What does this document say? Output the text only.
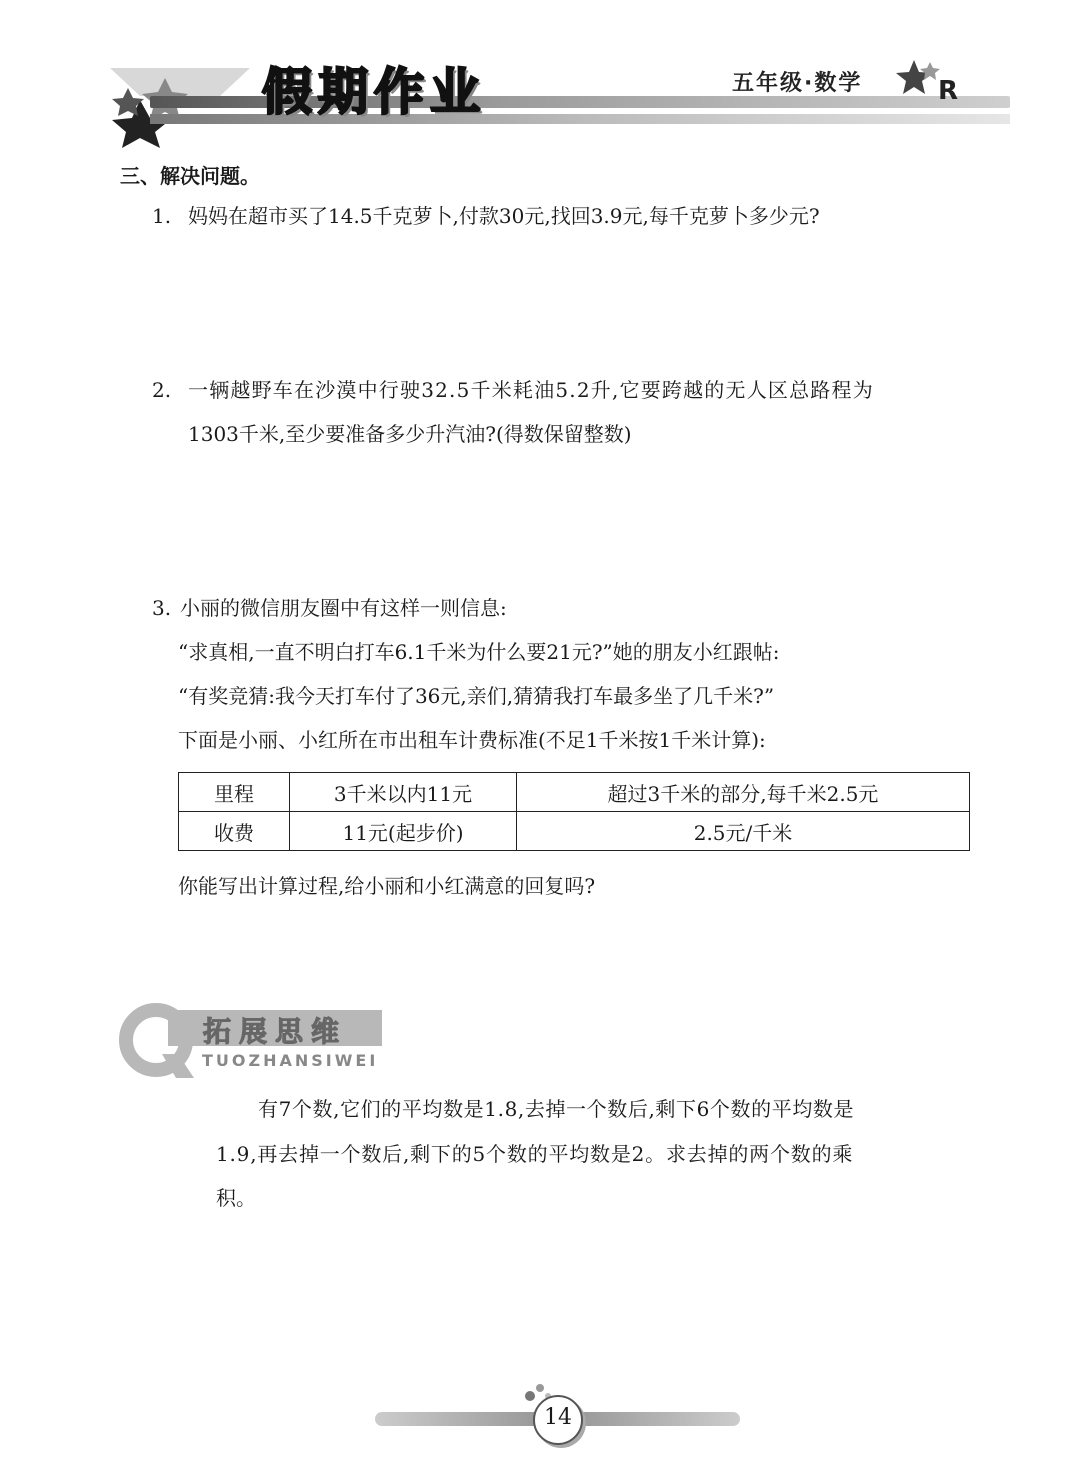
假期作业	五年级·数学	R
三、解决问题。
1. 妈妈在超市买了14.5千克萝卜,付款30元,找回3.9元,每千克萝卜多少元?
2. 一辆越野车在沙漠中行驶32.5千米耗油5.2升,它要跨越的无人区总路程为
1303千米,至少要准备多少升汽油?(得数保留整数)
3. 小丽的微信朋友圈中有这样一则信息:
“求真相,一直不明白打车6.1千米为什么要21元?”她的朋友小红跟帖:
“有奖竞猜:我今天打车付了36元,亲们,猜猜我打车最多坐了几千米?”
下面是小丽、小红所在市出租车计费标准(不足1千米按1千米计算):
里程	3千米以内11元	超过3千米的部分,每千米2.5元
收费	11元(起步价)	2.5元/千米
你能写出计算过程,给小丽和小红满意的回复吗?
拓展思维
TUOZHANSIWEI
有7个数,它们的平均数是1.8,去掉一个数后,剩下6个数的平均数是
1.9,再去掉一个数后,剩下的5个数的平均数是2。求去掉的两个数的乘
积。
14
